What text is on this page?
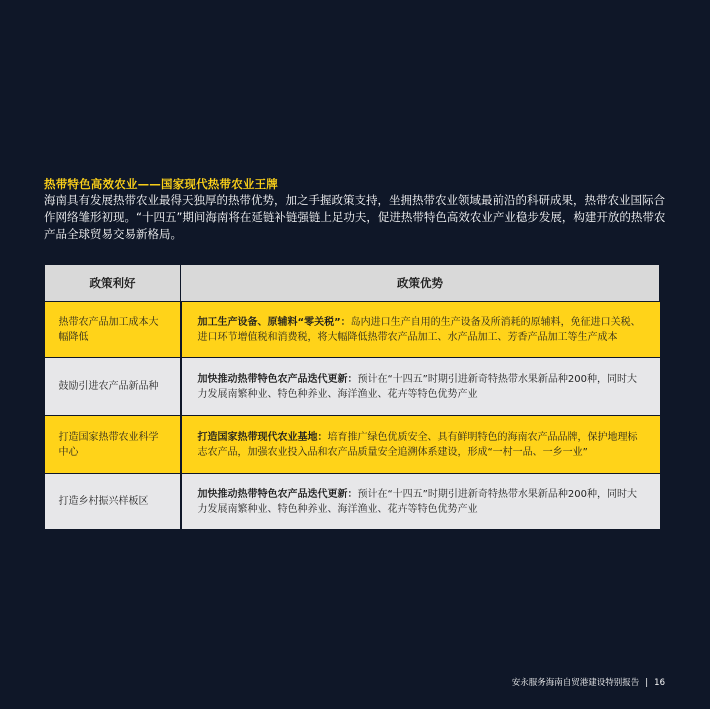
热带特色高效农业——国家现代热带农业王牌
海南具有发展热带农业最得天独厚的热带优势，加之手握政策支持，坐拥热带农业领域最前沿的科研成果，热带农业国际合作网络雏形初现。“十四五”期间海南将在延链补链强链上足功夫，促进热带特色高效农业产业稳步发展，构建开放的热带农产品全球贸易交易新格局。
政策利好	政策优势
热带农产品加工成本大幅降低	加工生产设备、原辅料“零关税”：岛内进口生产自用的生产设备及所消耗的原辅料，免征进口关税、进口环节增值税和消费税，将大幅降低热带农产品加工、水产品加工、芳香产品加工等生产成本
鼓励引进农产品新品种	加快推动热带特色农产品迭代更新：预计在“十四五”时期引进新奇特热带水果新品种200种，同时大力发展南繁种业、特色种养业、海洋渔业、花卉等特色优势产业
打造国家热带农业科学中心	打造国家热带现代农业基地：培育推广绿色优质安全、具有鲜明特色的海南农产品品牌，保护地理标志农产品，加强农业投入品和农产品质量安全追溯体系建设，形成“一村一品、一乡一业”
打造乡村振兴样板区	加快推动热带特色农产品迭代更新：预计在“十四五”时期引进新奇特热带水果新品种200种，同时大力发展南繁种业、特色种养业、海洋渔业、花卉等特色优势产业
安永服务海南自贸港建设特别报告 | 16
